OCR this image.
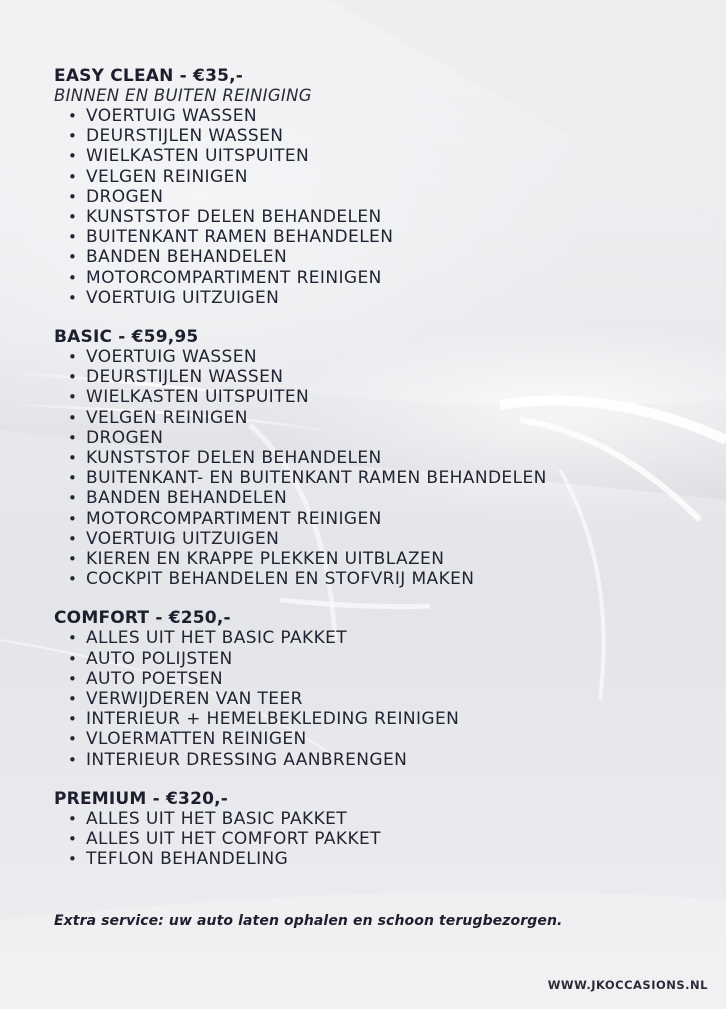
EASY CLEAN - €35,-

BINNEN EN BUITEN REINIGING

• VOERTUIG WASSEN
• DEURSTIJLEN WASSEN
• WIELKASTEN UITSPUITEN
• VELGEN REINIGEN
• DROGEN
• KUNSTSTOF DELEN BEHANDELEN
• BUITENKANT RAMEN BEHANDELEN
• BANDEN BEHANDELEN
• MOTORCOMPARTIMENT REINIGEN
• VOERTUIG UITZUIGEN
BASIC - €59,95
• VOERTUIG WASSEN
• DEURSTIJLEN WASSEN
• WIELKASTEN UITSPUITEN
• VELGEN REINIGEN
• DROGEN
• KUNSTSTOF DELEN BEHANDELEN
• BUITENKANT- EN BUITENKANT RAMEN BEHANDELEN
• BANDEN BEHANDELEN
• MOTORCOMPARTIMENT REINIGEN
• VOERTUIG UITZUIGEN
• KIEREN EN KRAPPE PLEKKEN UITBLAZEN
• COCKPIT BEHANDELEN EN STOFVRIJ MAKEN
COMFORT - €250,-
• ALLES UIT HET BASIC PAKKET
• AUTO POLIJSTEN
• AUTO POETSEN
• VERWIJDEREN VAN TEER
• INTERIEUR + HEMELBEKLEDING REINIGEN
• VLOERMATTEN REINIGEN
• INTERIEUR DRESSING AANBRENGEN
PREMIUM - €320,-
• ALLES UIT HET BASIC PAKKET
• ALLES UIT HET COMFORT PAKKET
• TEFLON BEHANDELING
Extra service: uw auto laten ophalen en schoon terugbezorgen.
WWW.JKOCCASIONS.NL
